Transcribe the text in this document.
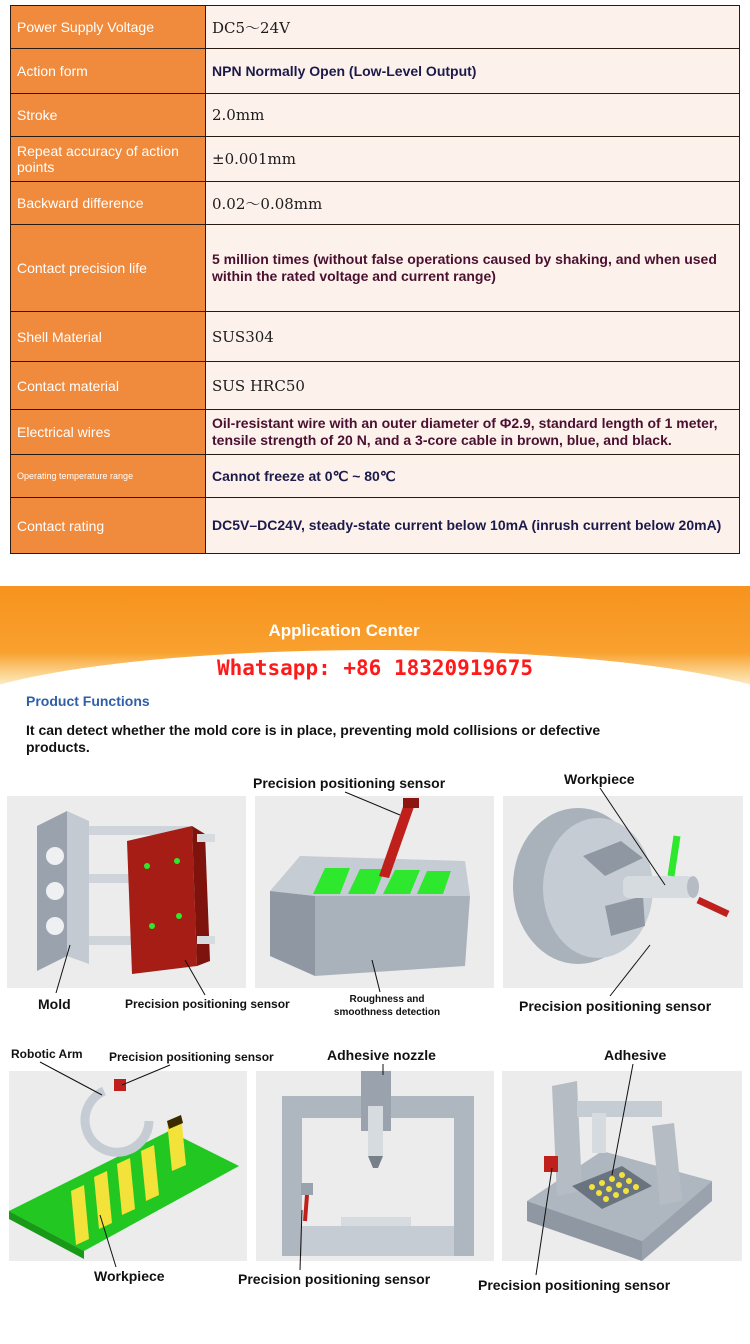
Power Supply Voltage	DC5～24V
Action form	NPN Normally Open (Low-Level Output)
Stroke	2.0mm
Repeat accuracy of action points	±0.001mm
Backward difference	0.02～0.08mm
Contact precision life	5 million times (without false operations caused by shaking, and when used within the rated voltage and current range)
Shell Material	SUS304
Contact material	SUS HRC50
Electrical wires	Oil-resistant wire with an outer diameter of Φ2.9, standard length of 1 meter, tensile strength of 20 N, and a 3-core cable in brown, blue, and black.
Operating temperature range	Cannot freeze at 0℃ ~ 80℃
Contact rating	DC5V–DC24V, steady-state current below 10mA (inrush current below 20mA)
Application Center
Whatsapp: +86 18320919675
Product Functions
It can detect whether the mold core is in place, preventing mold collisions or defective products.
Mold	Precision positioning sensor
Precision positioning sensor
Roughness and smoothness detection
Workpiece
Precision positioning sensor
Robotic Arm Precision positioning sensor
Workpiece
Adhesive nozzle
Precision positioning sensor
Adhesive
Precision positioning sensor
